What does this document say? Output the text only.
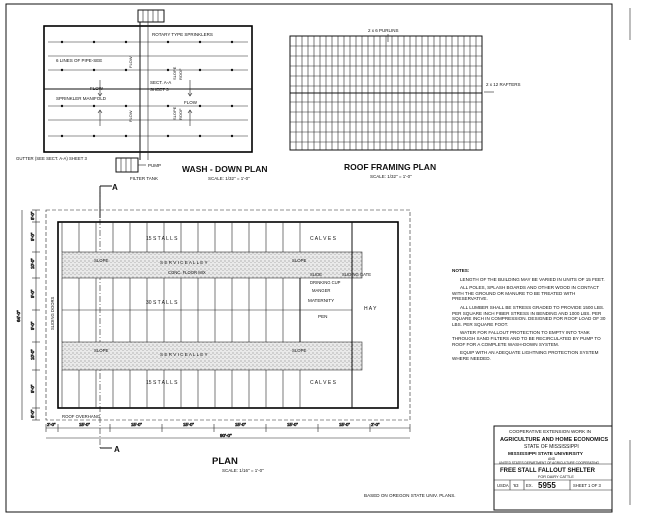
ROTARY TYPE SPRINKLERS
6 LINES OF PIPE-SEE
SPRINKLER MANIFOLD
SECT. A-A
SHEET 3
FLOW
FLOW
FLOW
FLOW
SLOPE ROOF
SLOPE ROOF
GUTTER (SEE SECT. A-A) SHEET 3
PUMP
FILTER TANK
WASH - DOWN PLAN
SCALE: 1/32" = 1'-0"
2 x 6 PURLINS
2 x 12 RAFTERS
ROOF FRAMING PLAN
SCALE: 1/32" = 1'-0"
A
A
15 S T A L L S
30 S T A L L S
15 S T A L L S
C A L V E S
C A L V E S
S E R V I C E A L L E Y
CONC. FLOOR MIX
S E R V I C E A L L E Y
SLOPE	SLOPE
SLOPE	SLOPE
SLIDE	SLIDING GATE
DRINKING CUP
MANGER
MATERNITY
PEN
H A Y
SLIDING DOORS
ROOF OVERHANG
2'-0"	15'-0"	15'-0"	15'-0"	15'-0"	15'-0"	15'-0"	2'-0"
90'-0"
8'-0"
9'-0"
10'-0"
9'-0"
9'-0"
10'-0"
9'-0"
8'-0"
64'-0"
PLAN
SCALE: 1/16" = 1'-0"
COOPERATIVE EXTENSION WORK IN
AGRICULTURE AND HOME ECONOMICS
STATE OF MISSISSIPPI
MISSISSIPPI STATE UNIVERSITY
AND
UNITED STATES DEPARTMENT OF AGRICULTURE COOPERATING
FREE STALL FALLOUT SHELTER
FOR DAIRY CATTLE
USDA '63 EX. 5955	SHEET 1 OF 3
BASED ON OREGON STATE UNIV. PLANS.
NOTES:

LENGTH OF THE BUILDING MAY BE VARIED IN UNITS OF 15 FEET.

ALL POLES, SPLASH BOARDS AND OTHER WOOD IN CONTACT WITH THE GROUND OR MANURE TO BE TREATED WITH PRESERVATIVE.

ALL LUMBER SHALL BE STRESS GRADED TO PROVIDE 1500 LBS. PER SQUARE INCH FIBER STRESS IN BENDING AND 1000 LBS. PER SQUARE INCH IN COMPRESSION. DESIGNED FOR ROOF LOAD OF 30 LBS. PER SQUARE FOOT.

WATER FOR FALLOUT PROTECTION TO EMPTY INTO TANK THROUGH SAND FILTERS AND TO BE RECIRCULATED BY PUMP TO ROOF FOR A COMPLETE WASH-DOWN SYSTEM.

EQUIP WITH AN ADEQUATE LIGHTNING PROTECTION SYSTEM WHERE NEEDED.
